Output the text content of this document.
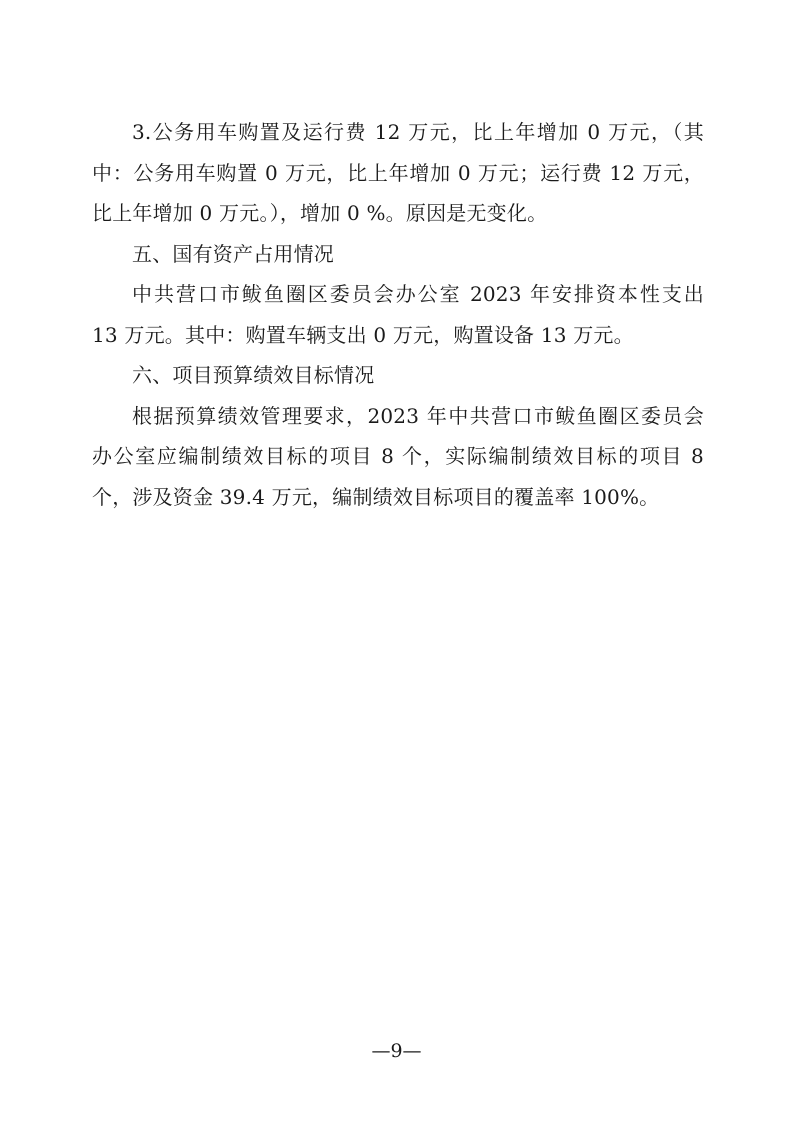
3.公务用车购置及运行费 12 万元，比上年增加 0 万元，（其
中：公务用车购置 0 万元，比上年增加 0 万元；运行费 12 万元，
比上年增加 0 万元。），增加 0 %。原因是无变化。
五、国有资产占用情况
中共营口市鲅鱼圈区委员会办公室 2023 年安排资本性支出
13 万元。其中：购置车辆支出 0 万元，购置设备 13 万元。
六、项目预算绩效目标情况
根据预算绩效管理要求，2023 年中共营口市鲅鱼圈区委员会
办公室应编制绩效目标的项目 8 个，实际编制绩效目标的项目 8
个，涉及资金 39.4 万元，编制绩效目标项目的覆盖率 100%。
—9—
